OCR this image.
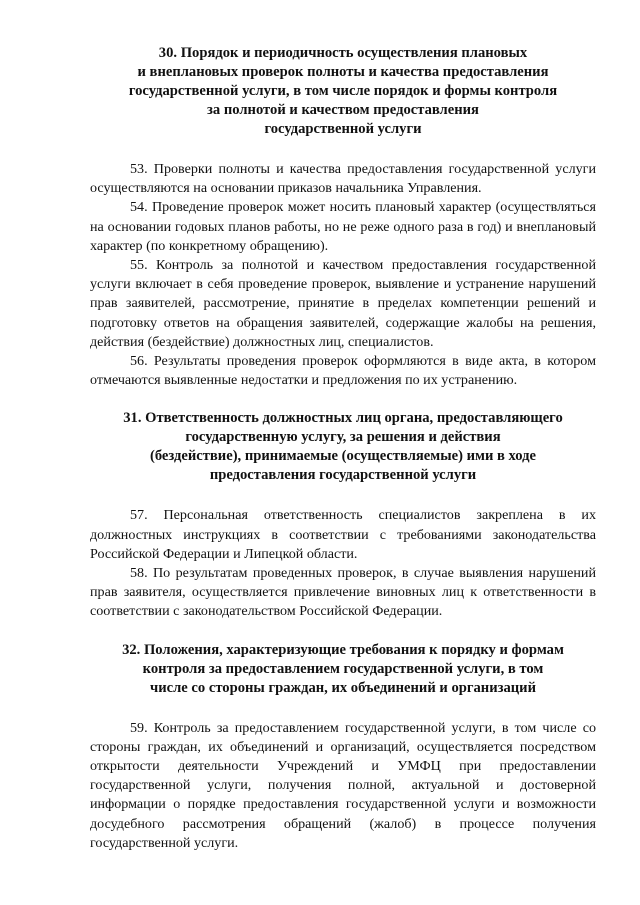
30. Порядок и периодичность осуществления плановых
и внеплановых проверок полноты и качества предоставления
государственной услуги, в том числе порядок и формы контроля
за полнотой и качеством предоставления
государственной услуги

53. Проверки полноты и качества предоставления государственной услуги осуществляются на основании приказов начальника Управления.

54. Проведение проверок может носить плановый характер (осуществляться на основании годовых планов работы, но не реже одного раза в год) и внеплановый характер (по конкретному обращению).

55. Контроль за полнотой и качеством предоставления государственной услуги включает в себя проведение проверок, выявление и устранение нарушений прав заявителей, рассмотрение, принятие в пределах компетенции решений и подготовку ответов на обращения заявителей, содержащие жалобы на решения, действия (бездействие) должностных лиц, специалистов.

56. Результаты проведения проверок оформляются в виде акта, в котором отмечаются выявленные недостатки и предложения по их устранению.

31. Ответственность должностных лиц органа, предоставляющего
государственную услугу, за решения и действия
(бездействие), принимаемые (осуществляемые) ими в ходе
предоставления государственной услуги

57. Персональная ответственность специалистов закреплена в их должностных инструкциях в соответствии с требованиями законодательства Российской Федерации и Липецкой области.

58. По результатам проведенных проверок, в случае выявления нарушений прав заявителя, осуществляется привлечение виновных лиц к ответственности в соответствии с законодательством Российской Федерации.

32. Положения, характеризующие требования к порядку и формам
контроля за предоставлением государственной услуги, в том
числе со стороны граждан, их объединений и организаций

59. Контроль за предоставлением государственной услуги, в том числе со стороны граждан, их объединений и организаций, осуществляется посредством открытости деятельности Учреждений и УМФЦ при предоставлении государственной услуги, получения полной, актуальной и достоверной информации о порядке предоставления государственной услуги и возможности досудебного рассмотрения обращений (жалоб) в процессе получения государственной услуги.
